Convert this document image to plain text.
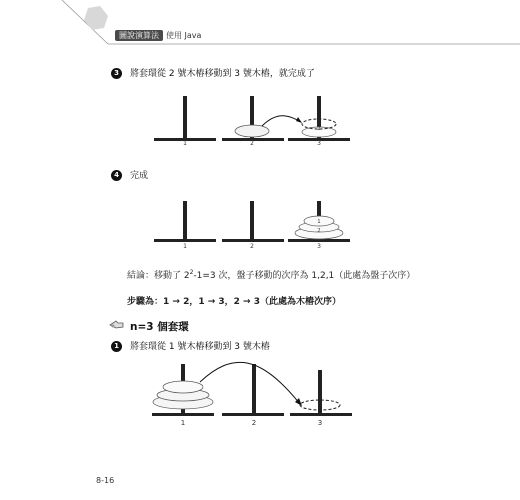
圖說演算法 使用 Java
3 將套環從 2 號木樁移動到 3 號木樁，就完成了
1	2	3
2
4 完成
1	2	3
1
2
結論：移動了 $2^2-1=3$ 次，盤子移動的次序為 1,2,1（此處為盤子次序）
步驟為：1 → 2，1 → 3，2 → 3（此處為木樁次序）
n=3 個套環
1 將套環從 1 號木樁移動到 3 號木樁
1	2	3
8-16
